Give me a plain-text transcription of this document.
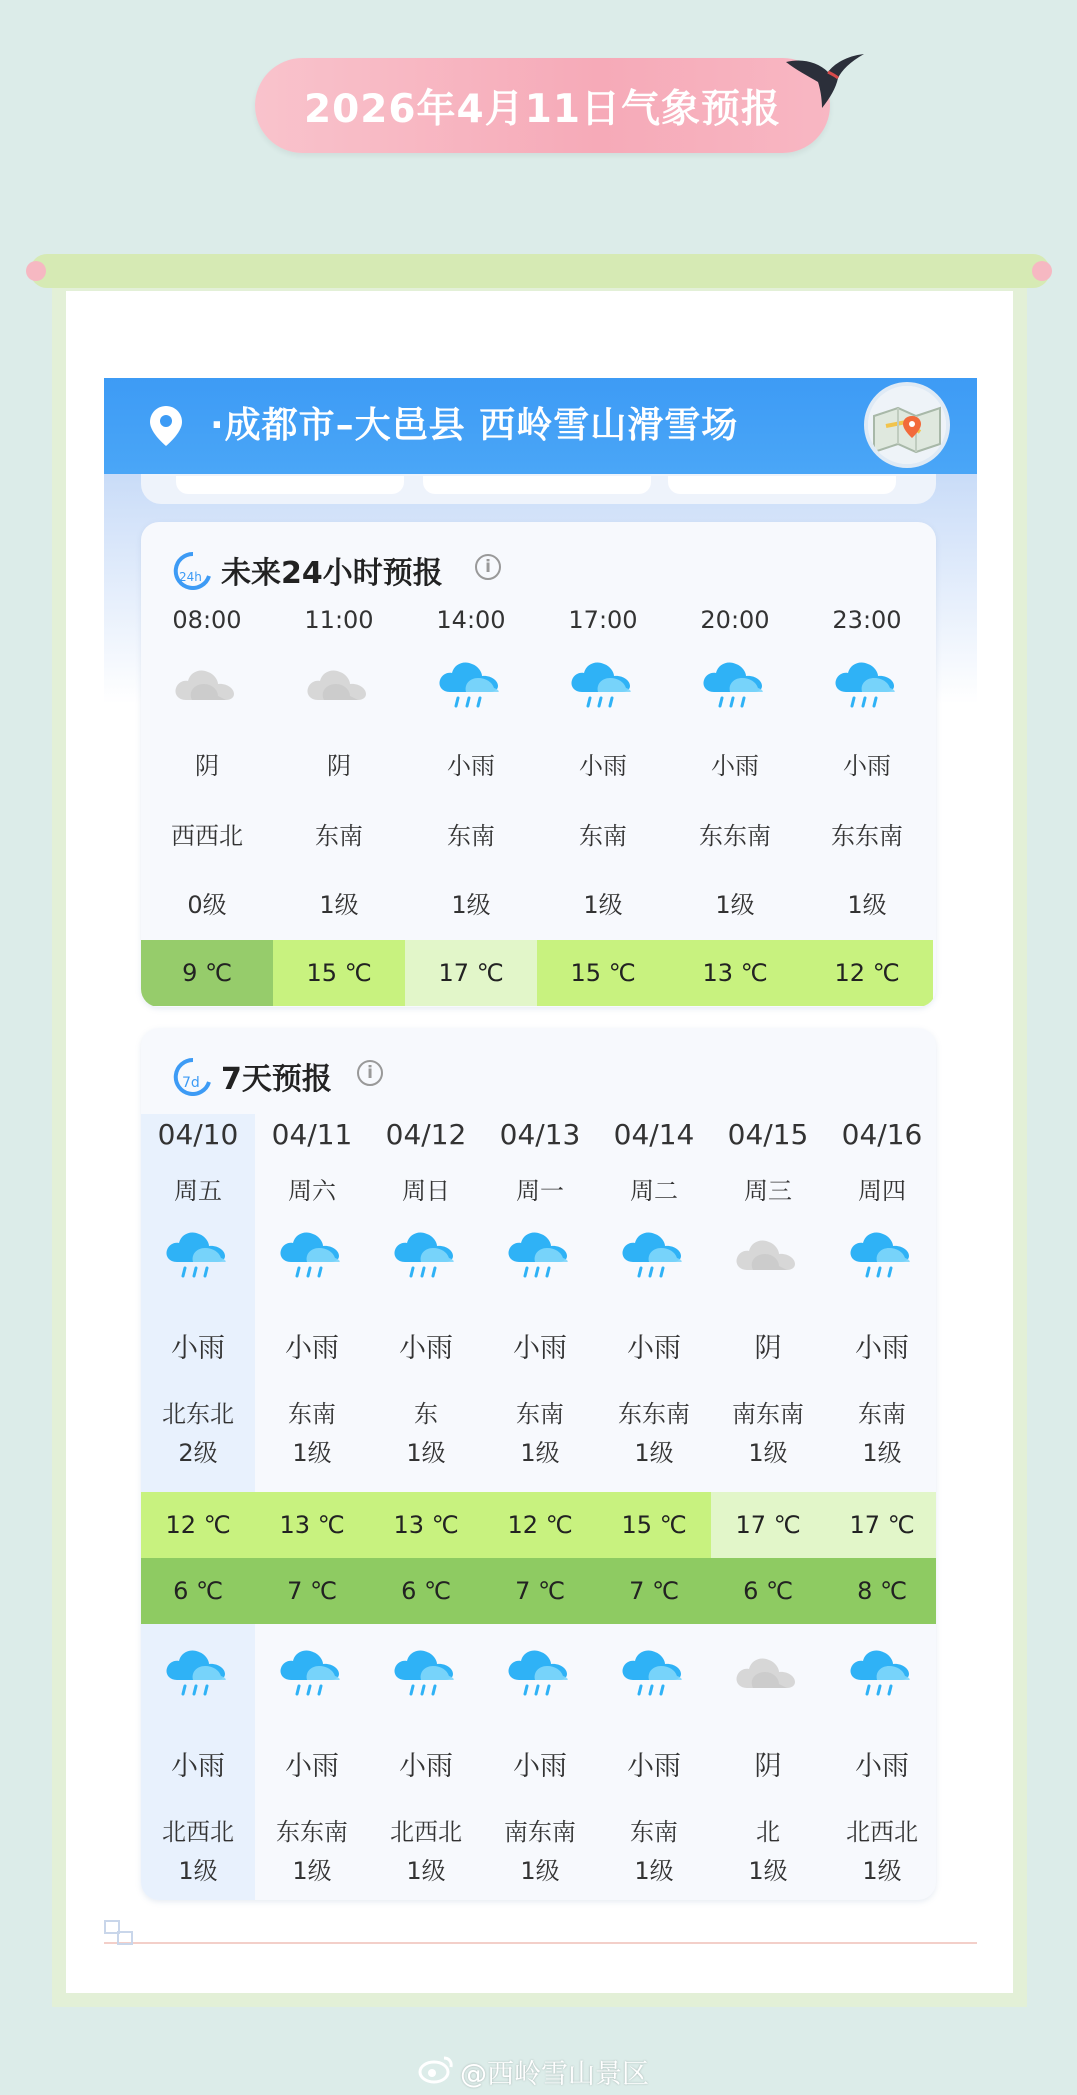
2026年4月11日气象预报
·成都市–大邑县 西岭雪山滑雪场
24h 未来24小时预报	i
08:00
阴
西西北
0级
9 ℃
11:00
阴
东南
1级
15 ℃
14:00
小雨
东南
1级
17 ℃
17:00
小雨
东南
1级
15 ℃
20:00
小雨
东东南
1级
13 ℃
23:00
小雨
东东南
1级
12 ℃
7d 7天预报	i
04/10
周五
小雨
北东北
2级
12 ℃
6 ℃
小雨
北西北
1级
04/11
周六
小雨
东南
1级
13 ℃
7 ℃
小雨
东东南
1级
04/12
周日
小雨
东
1级
13 ℃
6 ℃
小雨
北西北
1级
04/13
周一
小雨
东南
1级
12 ℃
7 ℃
小雨
南东南
1级
04/14
周二
小雨
东东南
1级
15 ℃
7 ℃
小雨
东南
1级
04/15
周三
阴
南东南
1级
17 ℃
6 ℃
阴
北
1级
04/16
周四
小雨
东南
1级
17 ℃
8 ℃
小雨
北西北
1级
@西岭雪山景区
